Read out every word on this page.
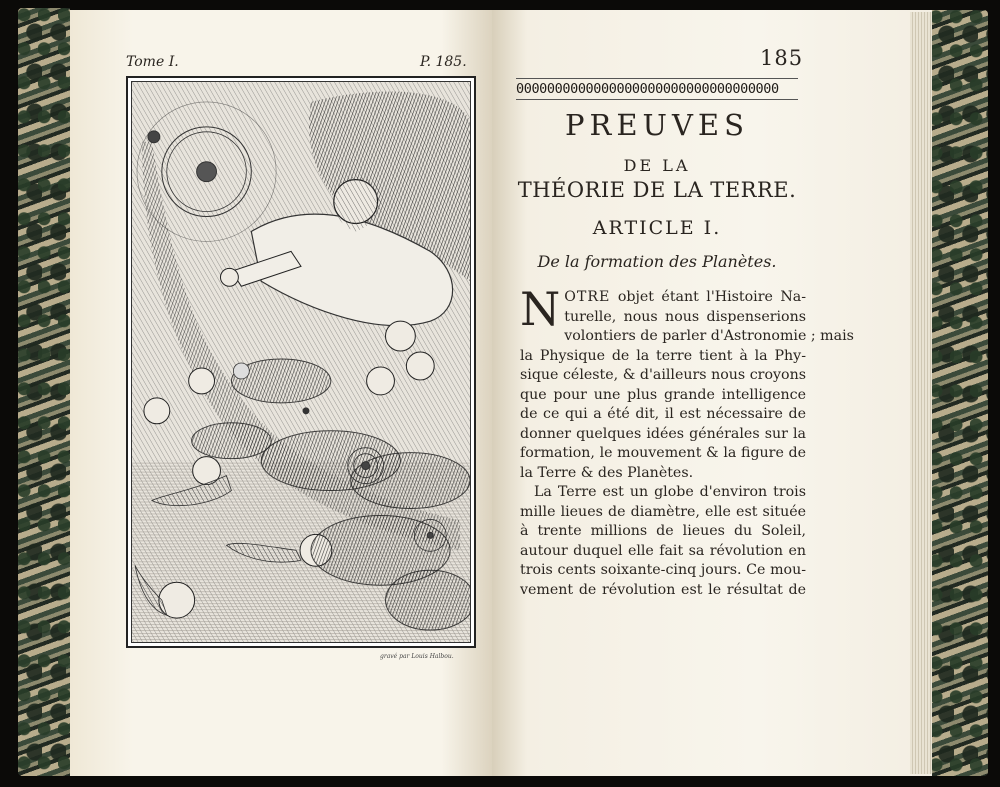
Tome I.	P. 185.
gravé par Louis Halbou.
185
0000000000000000000000000000000000
PREUVES
DE LA
THÉORIE DE LA TERRE.
ARTICLE I.
De la formation des Planètes.
N OTRE objet étant l'Histoire Na-
turelle, nous nous dispenserions
volontiers de parler d'Astronomie ; mais
la Physique de la terre tient à la Phy-
sique céleste, & d'ailleurs nous croyons
que pour une plus grande intelligence
de ce qui a été dit, il est nécessaire de
donner quelques idées générales sur la
formation, le mouvement & la figure de
la Terre & des Planètes.
La Terre est un globe d'environ trois
mille lieues de diamètre, elle est située
à trente millions de lieues du Soleil,
autour duquel elle fait sa révolution en
trois cents soixante-cinq jours. Ce mou-
vement de révolution est le résultat de
